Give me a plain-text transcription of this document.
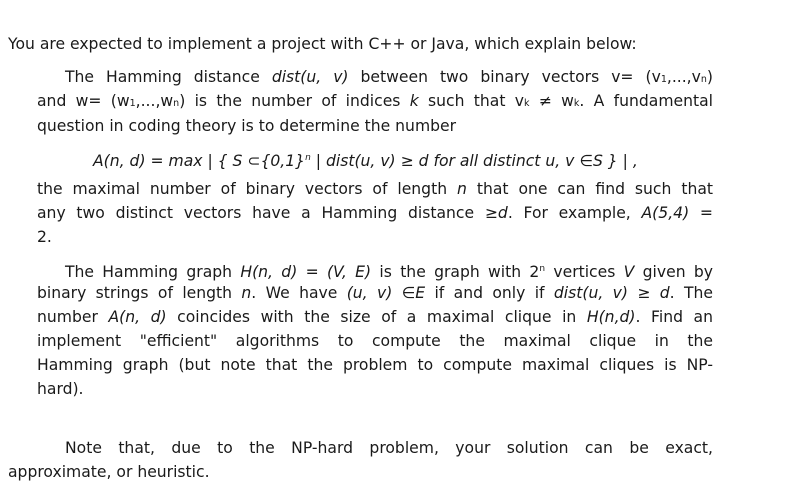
You are expected to implement a project with C++ or Java, which explain below:
The Hamming distance dist(u, v) between two binary vectors v= (v1,...,vn)
and w= (w1,...,wn) is the number of indices k such that vk ≠ wk. A fundamental
question in coding theory is to determine the number
A(n, d) = max | { S $\subset\{0,1\}^n$ | dist(u, v) ≥ d for all distinct u, v ∈S } | ,
the maximal number of binary vectors of length n that one can find such that
any two distinct vectors have a Hamming distance ≥d. For example, A(5,4) =
2.
The Hamming graph H(n, d) = (V, E) is the graph with 2$^n$ vertices V given by
binary strings of length n. We have (u, v) ∈E if and only if dist(u, v) ≥ d. The
number A(n, d) coincides with the size of a maximal clique in H(n,d). Find an
implement "efficient" algorithms to compute the maximal clique in the
Hamming graph (but note that the problem to compute maximal cliques is NP-
hard).
Note that, due to the NP-hard problem, your solution can be exact,
approximate, or heuristic.
